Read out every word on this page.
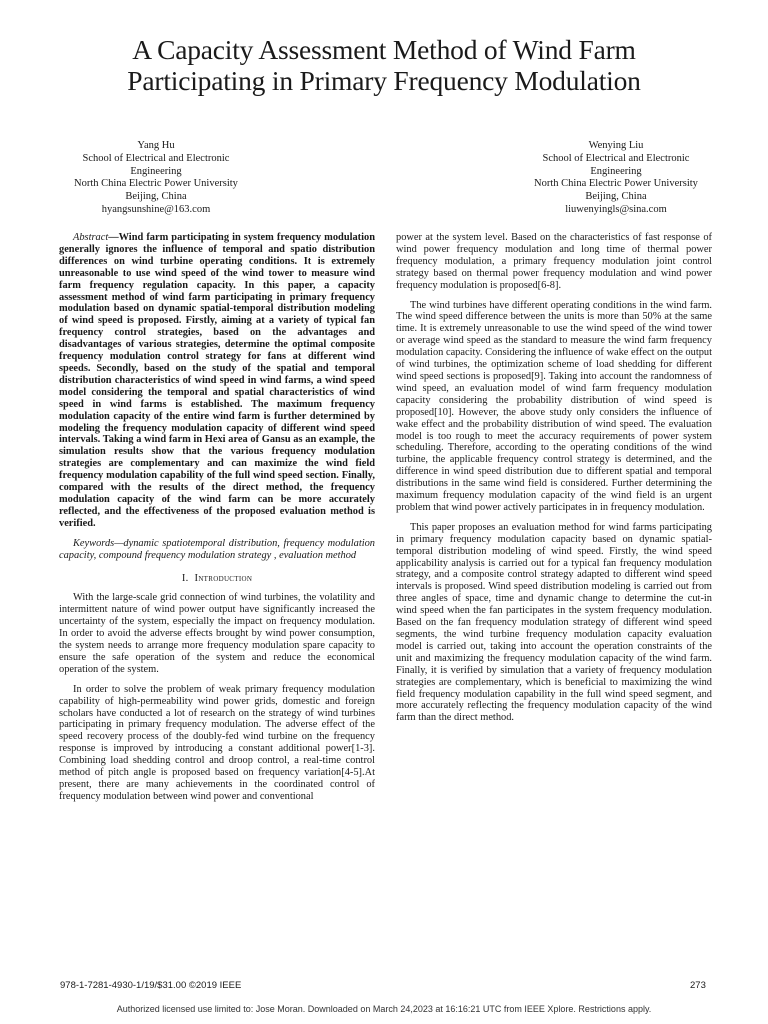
A Capacity Assessment Method of Wind Farm
Participating in Primary Frequency Modulation
Yang Hu
School of Electrical and Electronic
Engineering
North China Electric Power University
Beijing, China
hyangsunshine@163.com
Wenying Liu
School of Electrical and Electronic
Engineering
North China Electric Power University
Beijing, China
liuwenyingls@sina.com

Abstract—Wind farm participating in system frequency modulation generally ignores the influence of temporal and spatio distribution differences on wind turbine operating conditions. It is extremely unreasonable to use wind speed of the wind tower to measure wind farm frequency regulation capacity. In this paper, a capacity assessment method of wind farm participating in primary frequency modulation based on dynamic spatial-temporal distribution modeling of wind speed is proposed. Firstly, aiming at a variety of typical fan frequency control strategies, based on the advantages and disadvantages of various strategies, determine the optimal composite frequency modulation control strategy for fans at different wind speeds. Secondly, based on the study of the spatial and temporal distribution characteristics of wind speed in wind farms, a wind speed model considering the temporal and spatial characteristics of wind speed in wind farms is established. The maximum frequency modulation capacity of the entire wind farm is further determined by modeling the frequency modulation capacity of different wind speed intervals. Taking a wind farm in Hexi area of Gansu as an example, the simulation results show that the various frequency modulation strategies are complementary and can maximize the wind field frequency modulation capability of the full wind speed section. Finally, compared with the results of the direct method, the frequency modulation capacity of the wind farm can be more accurately reflected, and the effectiveness of the proposed evaluation method is verified.

Keywords—dynamic spatiotemporal distribution, frequency modulation capacity, compound frequency modulation strategy , evaluation method

I. Introduction

With the large-scale grid connection of wind turbines, the volatility and intermittent nature of wind power output have significantly increased the uncertainty of the system, especially the impact on frequency modulation. In order to avoid the adverse effects brought by wind power consumption, the system needs to arrange more frequency modulation spare capacity to ensure the safe operation of the system and reduce the economical operation of the system.

In order to solve the problem of weak primary frequency modulation capability of high-permeability wind power grids, domestic and foreign scholars have conducted a lot of research on the strategy of wind turbines participating in primary frequency modulation. The adverse effect of the speed recovery process of the doubly-fed wind turbine on the frequency response is improved by introducing a constant additional power[1-3]. Combining load shedding control and droop control, a real-time control method of pitch angle is proposed based on frequency variation[4-5].At present, there are many achievements in the coordinated control of frequency modulation between wind power and conventional

power at the system level. Based on the characteristics of fast response of wind power frequency modulation and long time of thermal power frequency modulation, a primary frequency modulation joint control strategy based on thermal power frequency modulation and wind power frequency modulation is proposed[6-8].

The wind turbines have different operating conditions in the wind farm. The wind speed difference between the units is more than 50% at the same time. It is extremely unreasonable to use the wind speed of the wind tower or average wind speed as the standard to measure the wind farm frequency modulation capacity. Considering the influence of wake effect on the output of wind turbines, the optimization scheme of load shedding for different wind speed sections is proposed[9]. Taking into account the randomness of wind speed, an evaluation model of wind farm frequency modulation capacity considering the probability distribution of wind speed is proposed[10]. However, the above study only considers the influence of wake effect and the probability distribution of wind speed. The evaluation model is too rough to meet the accuracy requirements of power system scheduling. Therefore, according to the operating conditions of the wind turbine, the applicable frequency control strategy is determined, and the difference in wind speed distribution due to different spatial and temporal distributions in the same wind field is considered. Further determining the maximum frequency modulation capacity of the wind field is an urgent problem that wind power actively participates in in frequency modulation.

This paper proposes an evaluation method for wind farms participating in primary frequency modulation capacity based on dynamic spatial-temporal distribution modeling of wind speed. Firstly, the wind speed applicability analysis is carried out for a typical fan frequency modulation strategy, and a composite control strategy adapted to different wind speed intervals is proposed. Wind speed distribution modeling is carried out from three angles of space, time and dynamic change to determine the cut-in wind speed when the fan participates in the system frequency modulation. Based on the fan frequency modulation strategy of different wind speed segments, the wind turbine frequency modulation capacity evaluation model is carried out, taking into account the operation constraints of the unit and maximizing the frequency modulation capacity of the wind farm. Finally, it is verified by simulation that a variety of frequency modulation strategies are complementary, which is beneficial to maximizing the wind field frequency modulation capability in the full wind speed segment, and more accurately reflecting the frequency modulation capacity of the wind farm than the direct method.

978-1-7281-4930-1/19/$31.00 ©2019 IEEE	273
Authorized licensed use limited to: Jose Moran. Downloaded on March 24,2023 at 16:16:21 UTC from IEEE Xplore. Restrictions apply.
